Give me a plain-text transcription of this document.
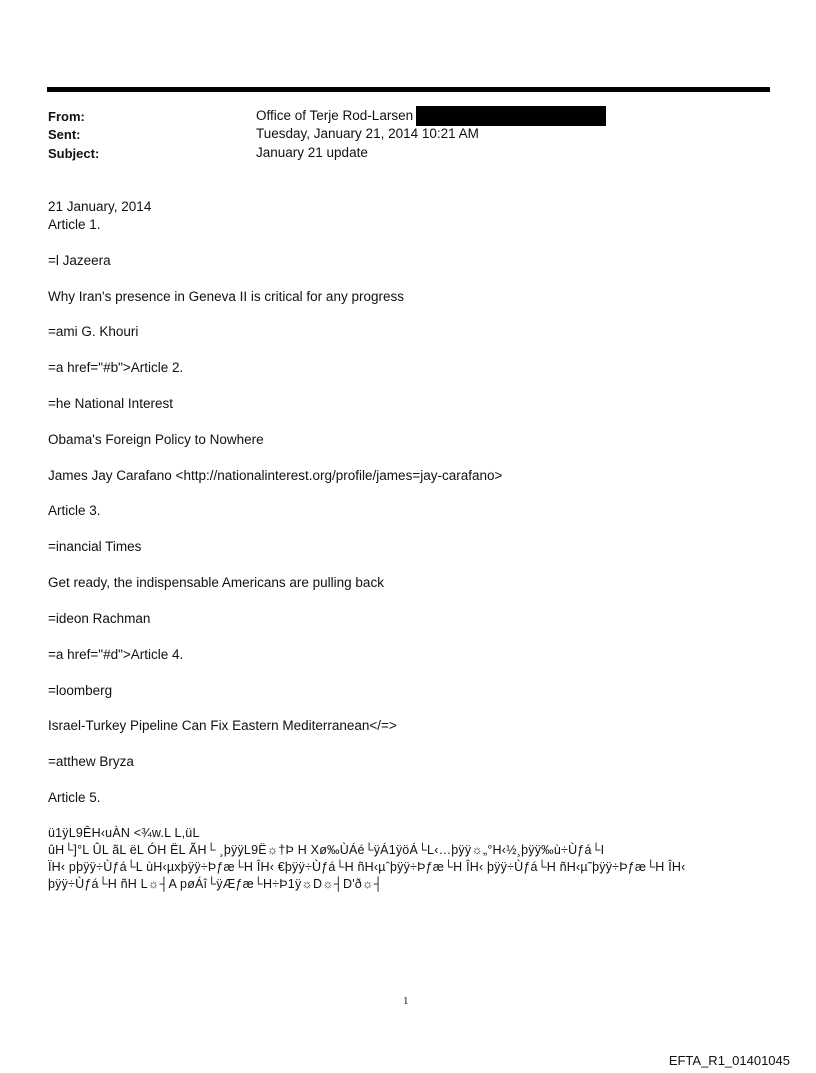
From:	Office of Terje Rod-Larsen
Sent:	Tuesday, January 21, 2014 10:21 AM
Subject:	January 21 update
21 January, 2014
Article 1.
=l Jazeera
Why Iran's presence in Geneva II is critical for any progress
=ami G. Khouri
=a href="#b">Article 2.
=he National Interest
Obama's Foreign Policy to Nowhere
James Jay Carafano <http://nationalinterest.org/profile/james=jay-carafano>
Article 3.
=inancial Times
Get ready, the indispensable Americans are pulling back
=ideon Rachman
=a href="#d">Article 4.
=loomberg
Israel-Turkey Pipeline Can Fix Eastern Mediterranean</=>
=atthew Bryza
Article 5.
ü1ÿL9ÊH‹uÀN <¾w.L L,üL
ûH└]°L ÛL ãL ëL ÓH ËL ÃH└ ¸þÿÿL9Ë☼†Þ H Xø‰ÙÁé└ÿÁ1ÿöÁ└L‹…þÿÿ☼„°H‹½¸þÿÿ‰ù÷Ùƒá└I
ÏH‹ pþÿÿ÷Ùƒá└L ùH‹µxþÿÿ÷Þƒæ└H ÎH‹ €þÿÿ÷Ùƒá└H ñH‹µˆþÿÿ÷Þƒæ└H ÎH‹ þÿÿ÷Ùƒá└H ñH‹µ˜þÿÿ÷Þƒæ└H ÎH‹
þÿÿ÷Ùƒá└H ñH L☼┤A pøÁî└ÿÆƒæ└H÷Þ1ÿ☼D☼┤D'ð☼┤
1
EFTA_R1_01401045
